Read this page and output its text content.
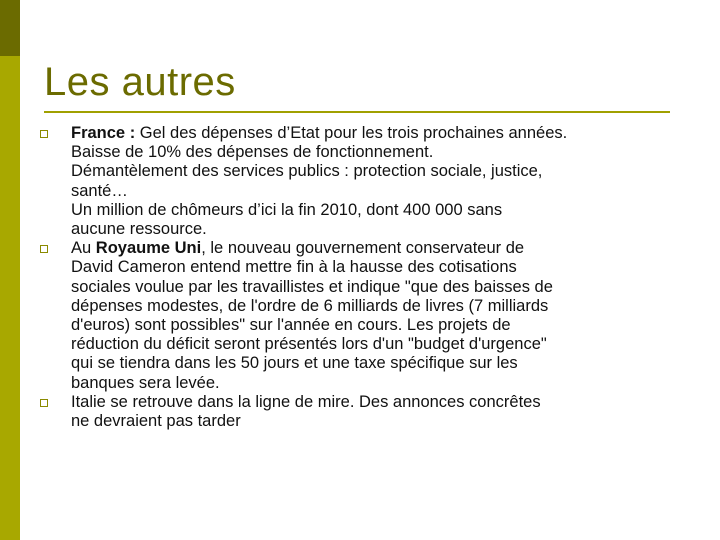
Les autres
France : Gel des dépenses d’Etat pour les trois prochaines années.
Baisse de 10% des dépenses de fonctionnement.
Démantèlement des services publics : protection sociale, justice,
santé…
Un million de chômeurs d’ici la fin 2010, dont 400 000 sans
aucune ressource.
Au Royaume Uni, le nouveau gouvernement conservateur de
David Cameron entend mettre fin à la hausse des cotisations
sociales voulue par les travaillistes et indique "que des baisses de
dépenses modestes, de l'ordre de 6 milliards de livres (7 milliards
d'euros) sont possibles" sur l'année en cours. Les projets de
réduction du déficit seront présentés lors d'un "budget d'urgence"
qui se tiendra dans les 50 jours et une taxe spécifique sur les
banques sera levée.
Italie se retrouve dans la ligne de mire. Des annonces concrêtes
ne devraient pas tarder
